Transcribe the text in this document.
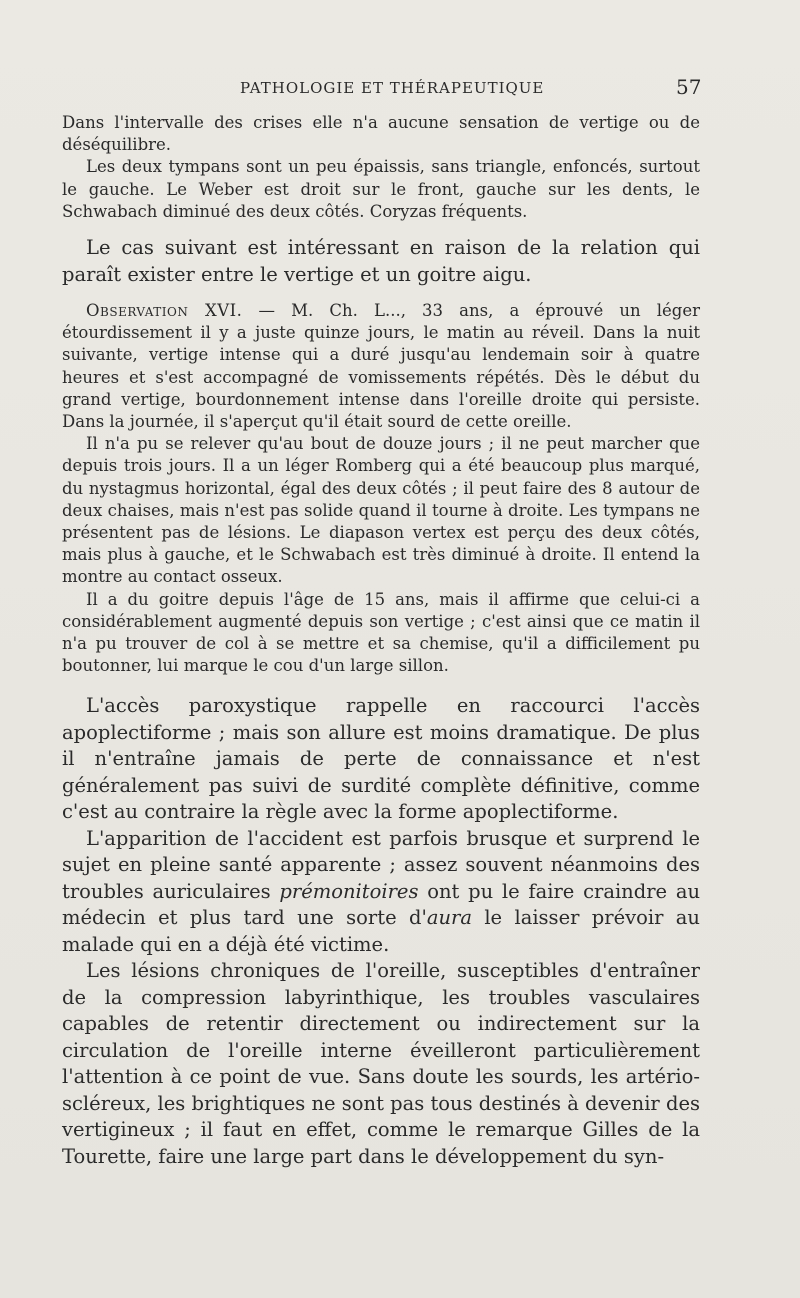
PATHOLOGIE ET THÉRAPEUTIQUE	57

Dans l'intervalle des crises elle n'a aucune sensation de vertige ou de déséquilibre.

Les deux tympans sont un peu épaissis, sans triangle, enfoncés, surtout le gauche. Le Weber est droit sur le front, gauche sur les dents, le Schwabach diminué des deux côtés. Coryzas fréquents.

Le cas suivant est intéressant en raison de la relation qui paraît exister entre le vertige et un goitre aigu.

Observation XVI. — M. Ch. L..., 33 ans, a éprouvé un léger étourdissement il y a juste quinze jours, le matin au réveil. Dans la nuit suivante, vertige intense qui a duré jusqu'au lendemain soir à quatre heures et s'est accompagné de vomissements répétés. Dès le début du grand vertige, bourdonnement intense dans l'oreille droite qui persiste. Dans la journée, il s'aperçut qu'il était sourd de cette oreille.

Il n'a pu se relever qu'au bout de douze jours ; il ne peut marcher que depuis trois jours. Il a un léger Romberg qui a été beaucoup plus marqué, du nystagmus horizontal, égal des deux côtés ; il peut faire des 8 autour de deux chaises, mais n'est pas solide quand il tourne à droite. Les tympans ne présentent pas de lésions. Le diapason vertex est perçu des deux côtés, mais plus à gauche, et le Schwabach est très diminué à droite. Il entend la montre au contact osseux.

Il a du goitre depuis l'âge de 15 ans, mais il affirme que celui-ci a considérablement augmenté depuis son vertige ; c'est ainsi que ce matin il n'a pu trouver de col à se mettre et sa chemise, qu'il a difficilement pu boutonner, lui marque le cou d'un large sillon.

L'accès paroxystique rappelle en raccourci l'accès apoplectiforme ; mais son allure est moins dramatique. De plus il n'entraîne jamais de perte de connaissance et n'est généralement pas suivi de surdité complète définitive, comme c'est au contraire la règle avec la forme apoplectiforme.

L'apparition de l'accident est parfois brusque et surprend le sujet en pleine santé apparente ; assez souvent néanmoins des troubles auriculaires prémonitoires ont pu le faire craindre au médecin et plus tard une sorte d'aura le laisser prévoir au malade qui en a déjà été victime.

Les lésions chroniques de l'oreille, susceptibles d'entraîner de la compression labyrinthique, les troubles vasculaires capables de retentir directement ou indirectement sur la circulation de l'oreille interne éveilleront particulièrement l'attention à ce point de vue. Sans doute les sourds, les artério-scléreux, les brightiques ne sont pas tous destinés à devenir des vertigineux ; il faut en effet, comme le remarque Gilles de la Tourette, faire une large part dans le développement du syn-
